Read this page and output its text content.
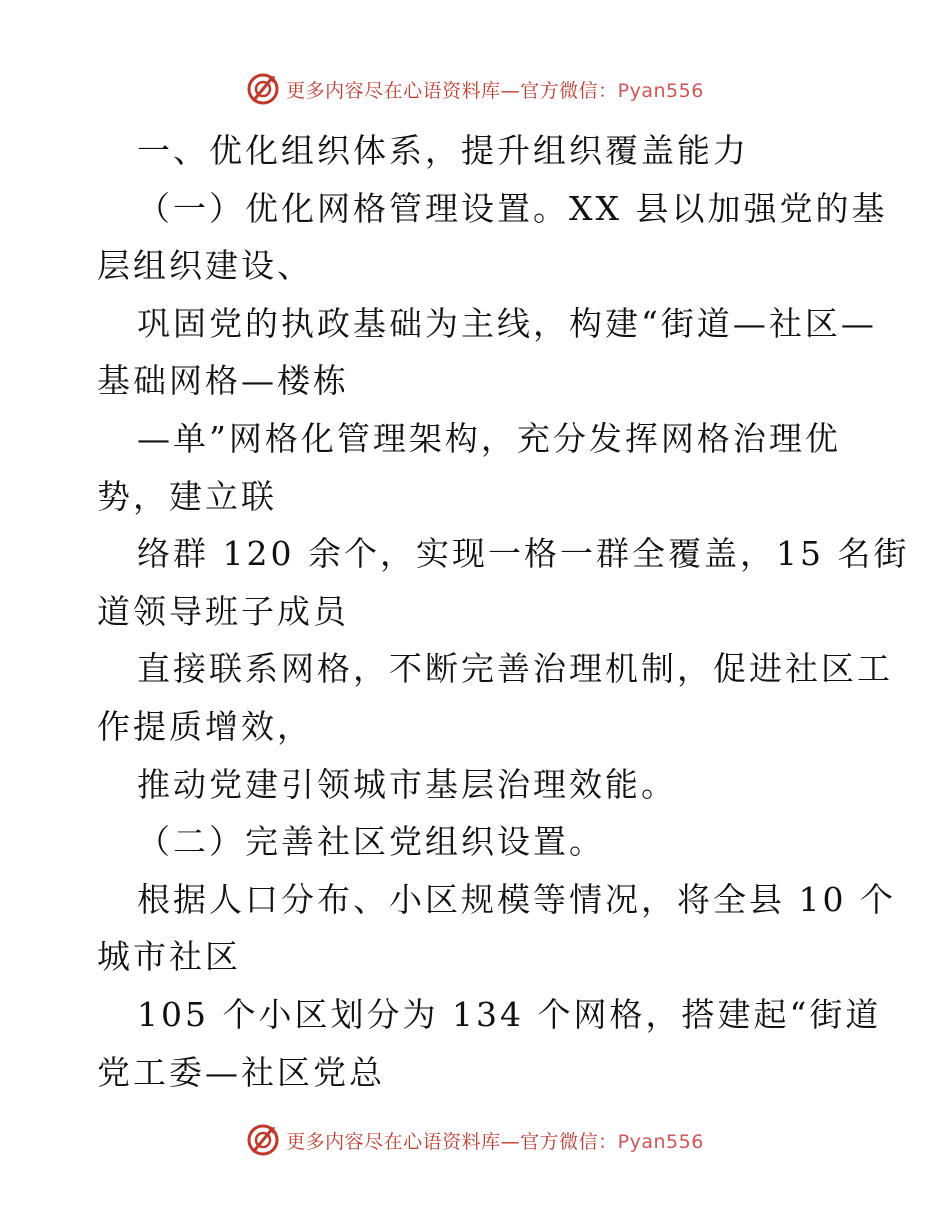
更多内容尽在心语资料库—官方微信：Pyan556
一、优化组织体系，提升组织覆盖能力
（一）优化网格管理设置。XX 县以加强党的基
层组织建设、
巩固党的执政基础为主线，构建“街道—社区—
基础网格—楼栋
—单”网格化管理架构，充分发挥网格治理优
势，建立联
络群 120 余个，实现一格一群全覆盖，15 名街
道领导班子成员
直接联系网格，不断完善治理机制，促进社区工
作提质增效，
推动党建引领城市基层治理效能。
（二）完善社区党组织设置。
根据人口分布、小区规模等情况，将全县 10 个
城市社区
105 个小区划分为 134 个网格，搭建起“街道
党工委—社区党总
更多内容尽在心语资料库—官方微信：Pyan556
